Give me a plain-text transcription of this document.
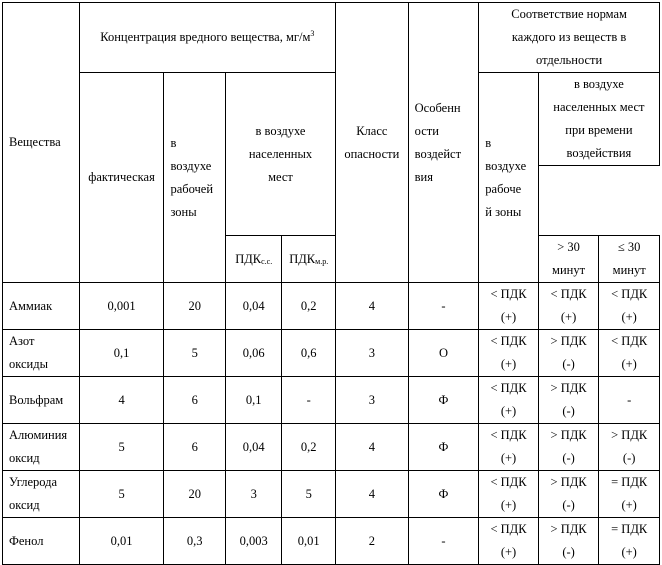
Вещества	Концентрация вредного вещества, $мг/м^3$				Класс
опасности	Особенн
ости
воздейст
вия	Соответствие нормам
каждого из веществ в
отдельности		
	фактическая	в
воздухе
рабочей
зоны	в воздухе
населенных
мест				в
воздухе
рабоче
й зоны	в воздухе
населенных мест
при времени
воздействия	

			$ПДК_{с.с.}$	$ПДК_{м.р.}$				> 30
минут	≤ 30
минут
Аммиак	0,001	20	0,04	0,2	4	-	< ПДК
(+)	< ПДК
(+)	< ПДК
(+)
Азот
оксиды	0,1	5	0,06	0,6	3	О	< ПДК
(+)	> ПДК
(-)	< ПДК
(+)
Вольфрам	4	6	0,1	-	3	Ф	< ПДК
(+)	> ПДК
(-)	-
Алюминия
оксид	5	6	0,04	0,2	4	Ф	< ПДК
(+)	> ПДК
(-)	> ПДК
(-)
Углерода
оксид	5	20	3	5	4	Ф	< ПДК
(+)	> ПДК
(-)	= ПДК
(+)
Фенол	0,01	0,3	0,003	0,01	2	-	< ПДК
(+)	> ПДК
(-)	= ПДК
(+)
